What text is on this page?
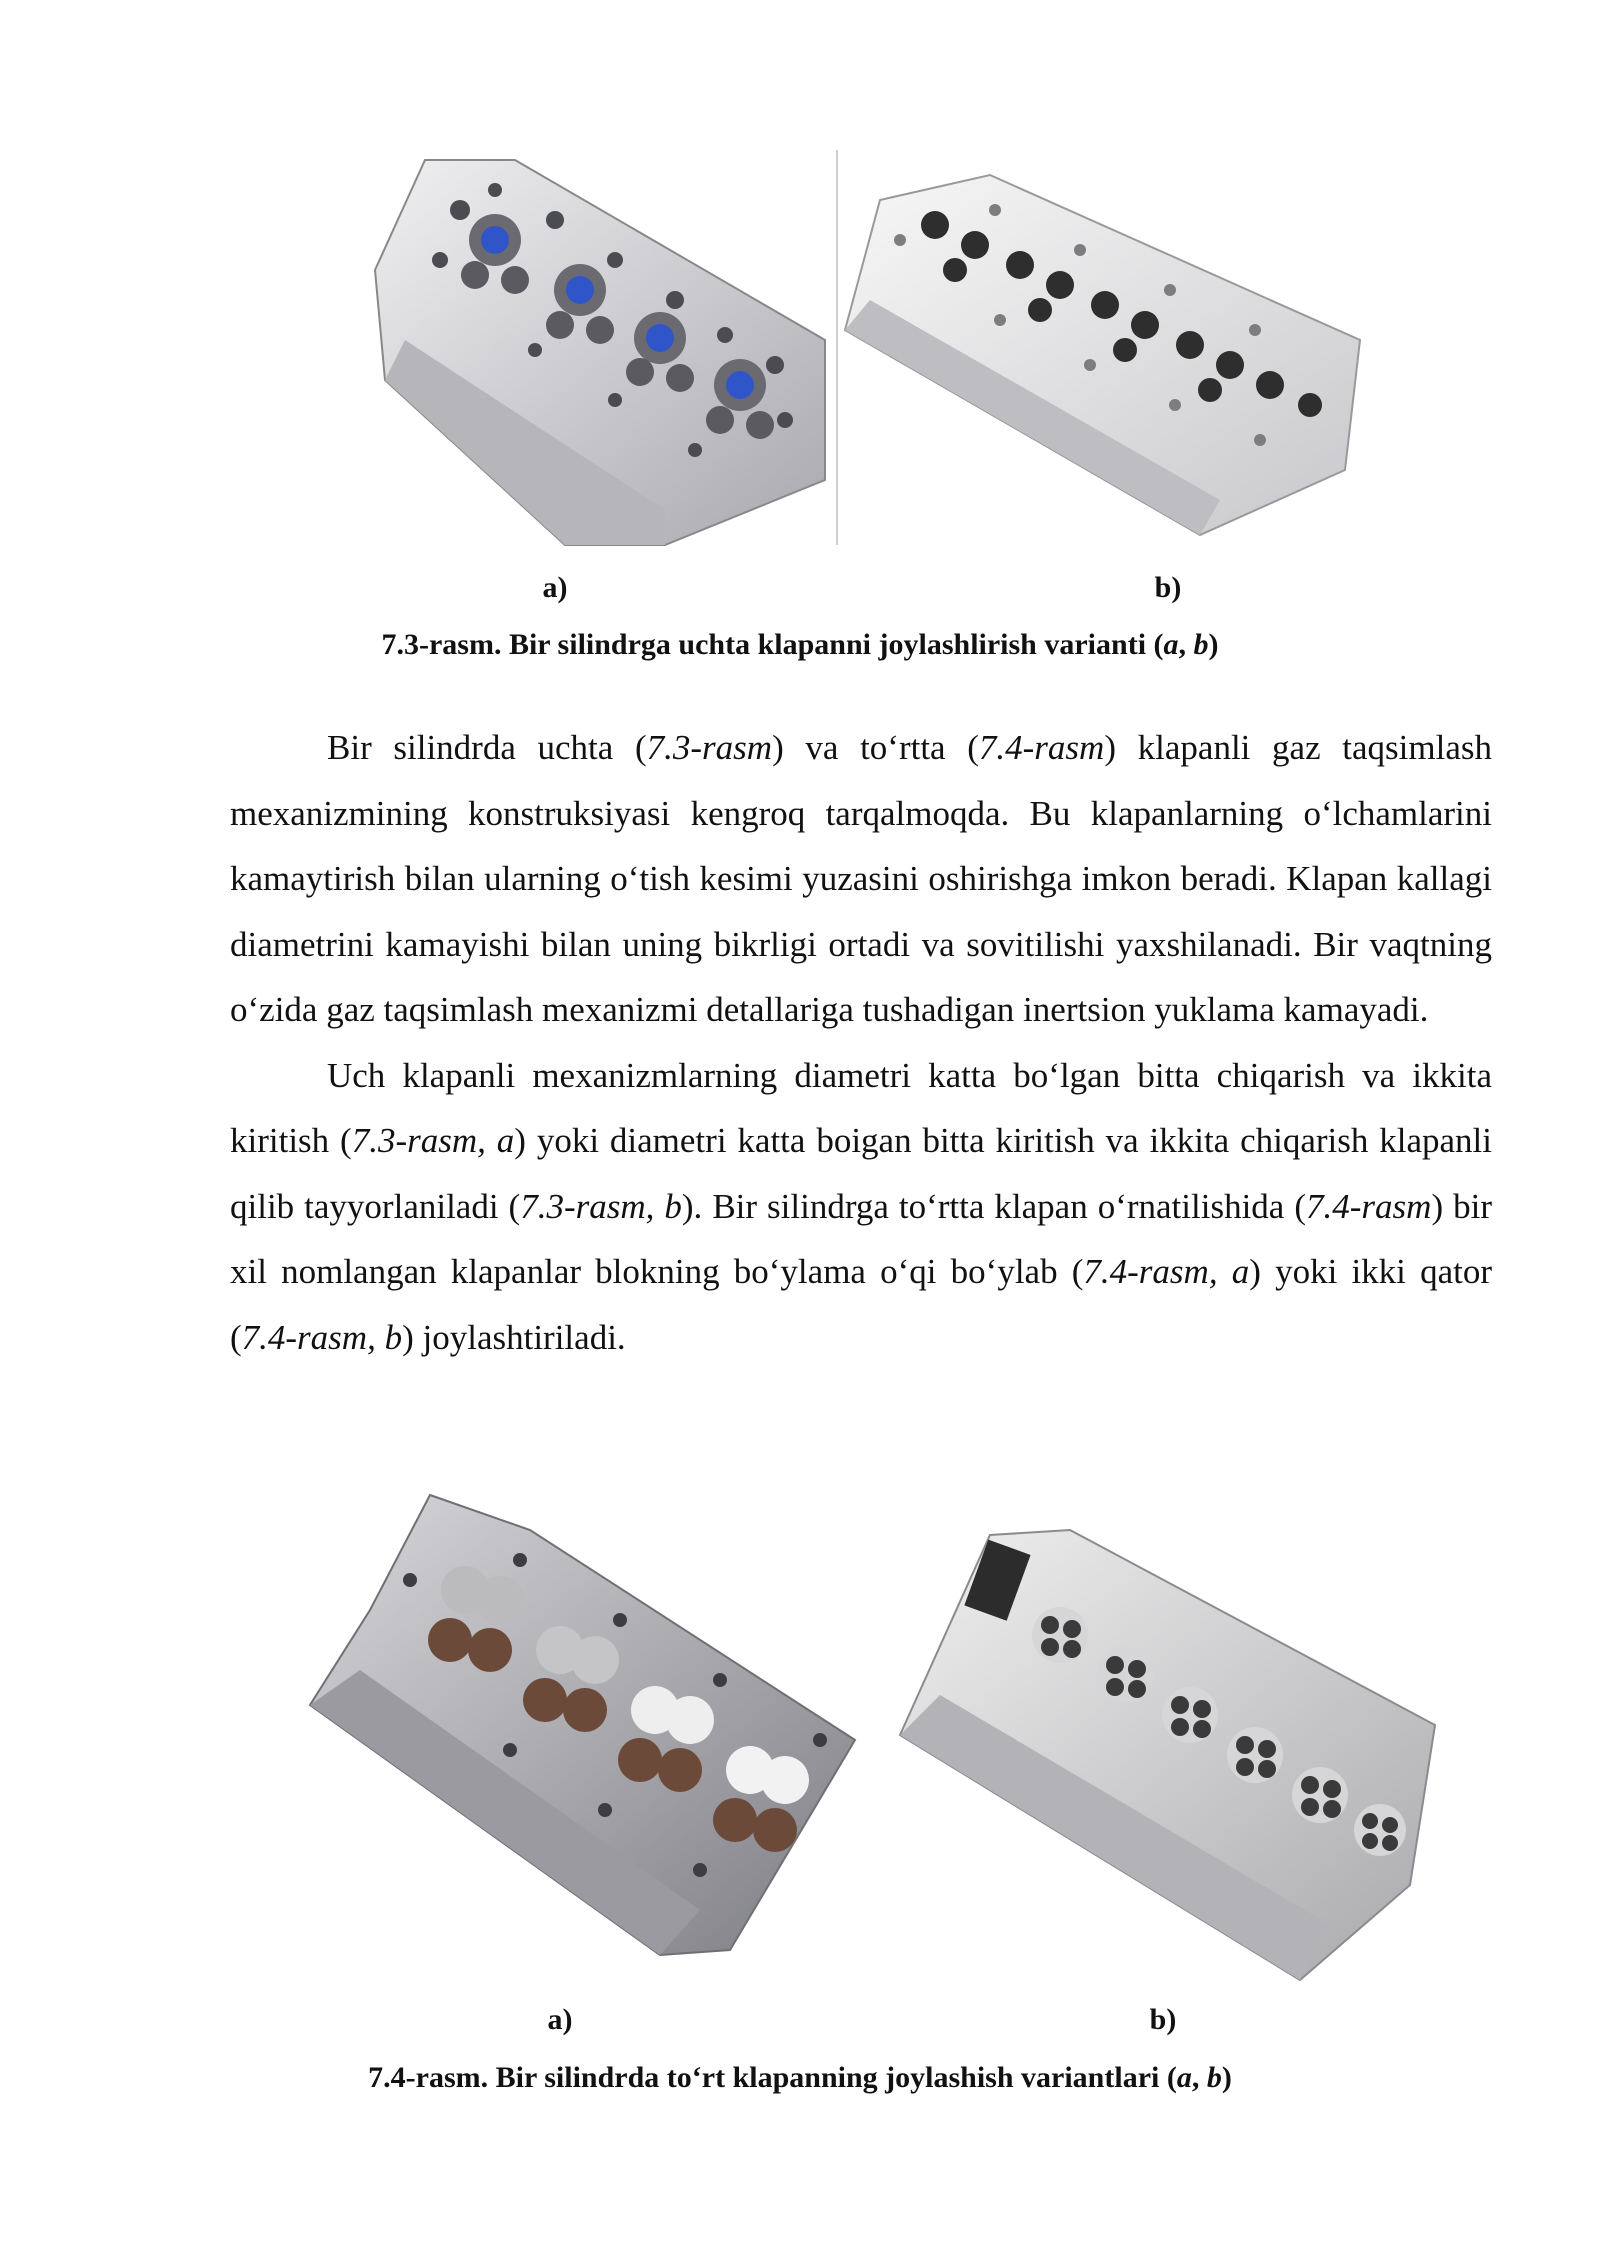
a)	b)
7.3-rasm. Bir silindrga uchta klapanni joylashlirish varianti (a, b)

Bir silindrda uchta (7.3-rasm) va to‘rtta (7.4-rasm) klapanli gaz taqsimlash mexanizmining konstruksiyasi kengroq tarqalmoqda. Bu klapanlarning o‘lchamlarini kamaytirish bilan ularning o‘tish kesimi yuzasini oshirishga imkon beradi. Klapan kallagi diametrini kamayishi bilan uning bikrligi ortadi va sovitilishi yaxshilanadi. Bir vaqtning o‘zida gaz taqsimlash mexanizmi detallariga tushadigan inertsion yuklama kamayadi.

Uch klapanli mexanizmlarning diametri katta bo‘lgan bitta chiqarish va ikkita kiritish (7.3-rasm, a) yoki diametri katta boigan bitta kiritish va ikkita chiqarish klapanli qilib tayyorlaniladi (7.3-rasm, b). Bir silindrga to‘rtta klapan o‘rnatilishida (7.4-rasm) bir xil nomlangan klapanlar blokning bo‘ylama o‘qi bo‘ylab (7.4-rasm, a) yoki ikki qator (7.4-rasm, b) joylashtiriladi.

a)	b)
7.4-rasm. Bir silindrda to‘rt klapanning joylashish variantlari (a, b)
